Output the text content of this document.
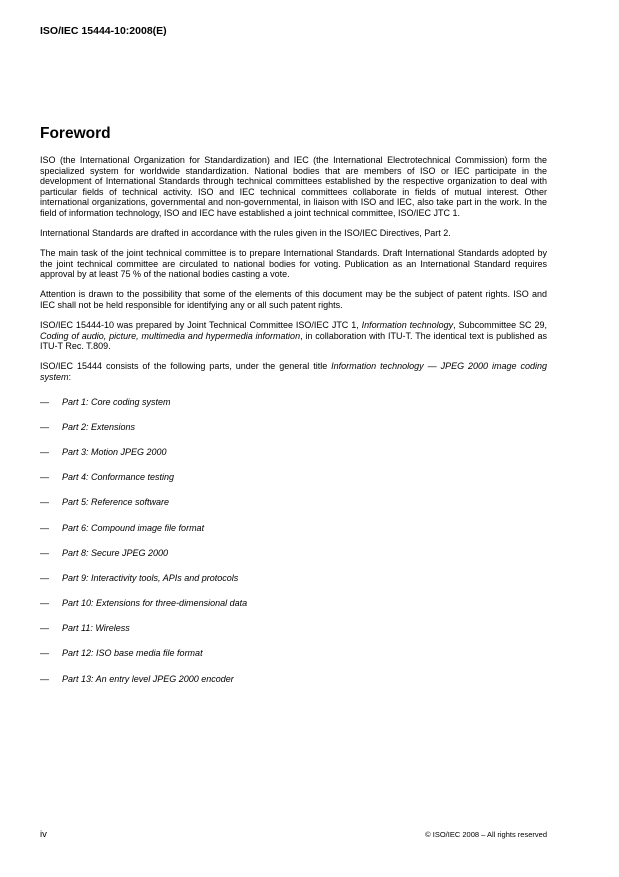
ISO/IEC 15444-10:2008(E)
Foreword

ISO (the International Organization for Standardization) and IEC (the International Electrotechnical Commission) form the specialized system for worldwide standardization. National bodies that are members of ISO or IEC participate in the development of International Standards through technical committees established by the respective organization to deal with particular fields of technical activity. ISO and IEC technical committees collaborate in fields of mutual interest. Other international organizations, governmental and non-governmental, in liaison with ISO and IEC, also take part in the work. In the field of information technology, ISO and IEC have established a joint technical committee, ISO/IEC JTC 1.

International Standards are drafted in accordance with the rules given in the ISO/IEC Directives, Part 2.

The main task of the joint technical committee is to prepare International Standards. Draft International Standards adopted by the joint technical committee are circulated to national bodies for voting. Publication as an International Standard requires approval by at least 75 % of the national bodies casting a vote.

Attention is drawn to the possibility that some of the elements of this document may be the subject of patent rights. ISO and IEC shall not be held responsible for identifying any or all such patent rights.

ISO/IEC 15444-10 was prepared by Joint Technical Committee ISO/IEC JTC 1, Information technology, Subcommittee SC 29, Coding of audio, picture, multimedia and hypermedia information, in collaboration with ITU-T. The identical text is published as ITU-T Rec. T.809.

ISO/IEC 15444 consists of the following parts, under the general title Information technology — JPEG 2000 image coding system:

— Part 1: Core coding system
— Part 2: Extensions
— Part 3: Motion JPEG 2000
— Part 4: Conformance testing
— Part 5: Reference software
— Part 6: Compound image file format
— Part 8: Secure JPEG 2000
— Part 9: Interactivity tools, APIs and protocols
— Part 10: Extensions for three-dimensional data
— Part 11: Wireless
— Part 12: ISO base media file format
— Part 13: An entry level JPEG 2000 encoder
iv	© ISO/IEC 2008 – All rights reserved
